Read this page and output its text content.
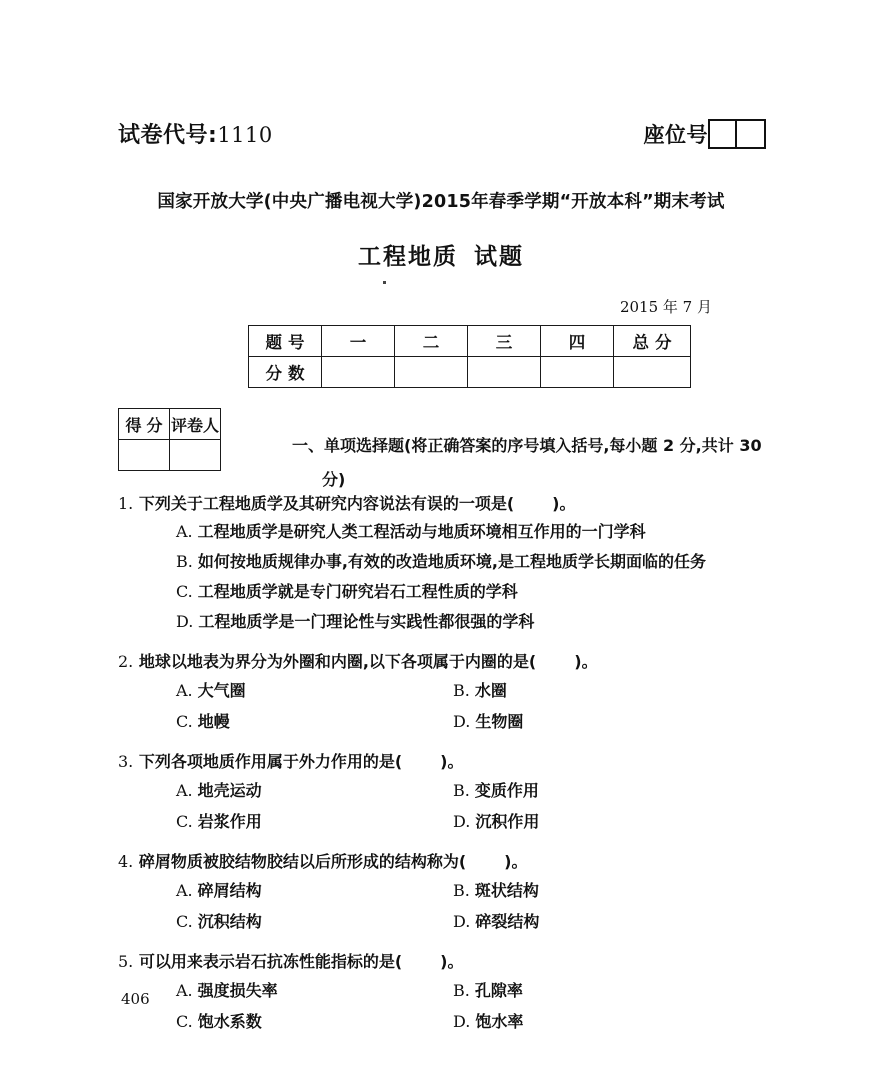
试卷代号:1110	座位号
国家开放大学(中央广播电视大学)2015年春季学期“开放本科”期末考试
工程地质 试题
2015 年 7 月
题号	一	二	三	四	总分
分数					
得分	评卷人

一、单项选择题(将正确答案的序号填入括号,每小题 2 分,共计 30
分)
1. 下列关于工程地质学及其研究内容说法有误的一项是( )。
A. 工程地质学是研究人类工程活动与地质环境相互作用的一门学科
B. 如何按地质规律办事,有效的改造地质环境,是工程地质学长期面临的任务
C. 工程地质学就是专门研究岩石工程性质的学科
D. 工程地质学是一门理论性与实践性都很强的学科
2. 地球以地表为界分为外圈和内圈,以下各项属于内圈的是( )。
A. 大气圈	B. 水圈
C. 地幔	D. 生物圈
3. 下列各项地质作用属于外力作用的是( )。
A. 地壳运动	B. 变质作用
C. 岩浆作用	D. 沉积作用
4. 碎屑物质被胶结物胶结以后所形成的结构称为( )。
A. 碎屑结构	B. 斑状结构
C. 沉积结构	D. 碎裂结构
5. 可以用来表示岩石抗冻性能指标的是( )。
A. 强度损失率	B. 孔隙率
C. 饱水系数	D. 饱水率
406
